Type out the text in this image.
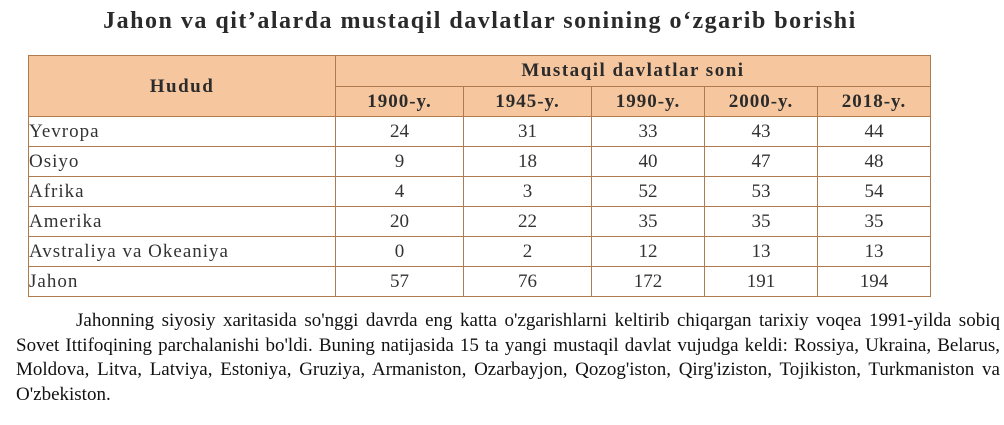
Jahon va qit’alarda mustaqil davlatlar sonining o‘zgarib borishi
Hudud	Mustaqil davlatlar soni				
	1900-y.	1945-y.	1990-y.	2000-y.	2018-y.
Yevropa	24	31	33	43	44
Osiyo	9	18	40	47	48
Afrika	4	3	52	53	54
Amerika	20	22	35	35	35
Avstraliya va Okeaniya	0	2	12	13	13
Jahon	57	76	172	191	194

Jahonning siyosiy xaritasida so'nggi davrda eng katta o'zgarishlarni keltirib chiqargan tarixiy voqea 1991-yilda sobiq Sovet Ittifoqining parchalanishi bo'ldi. Buning natijasida 15 ta yangi mustaqil davlat vujudga keldi: Rossiya, Ukraina, Belarus, Moldova, Litva, Latviya, Estoniya, Gruziya, Armaniston, Ozarbayjon, Qozog'iston, Qirg'iziston, Tojikiston, Turkmaniston va O'zbekiston.
